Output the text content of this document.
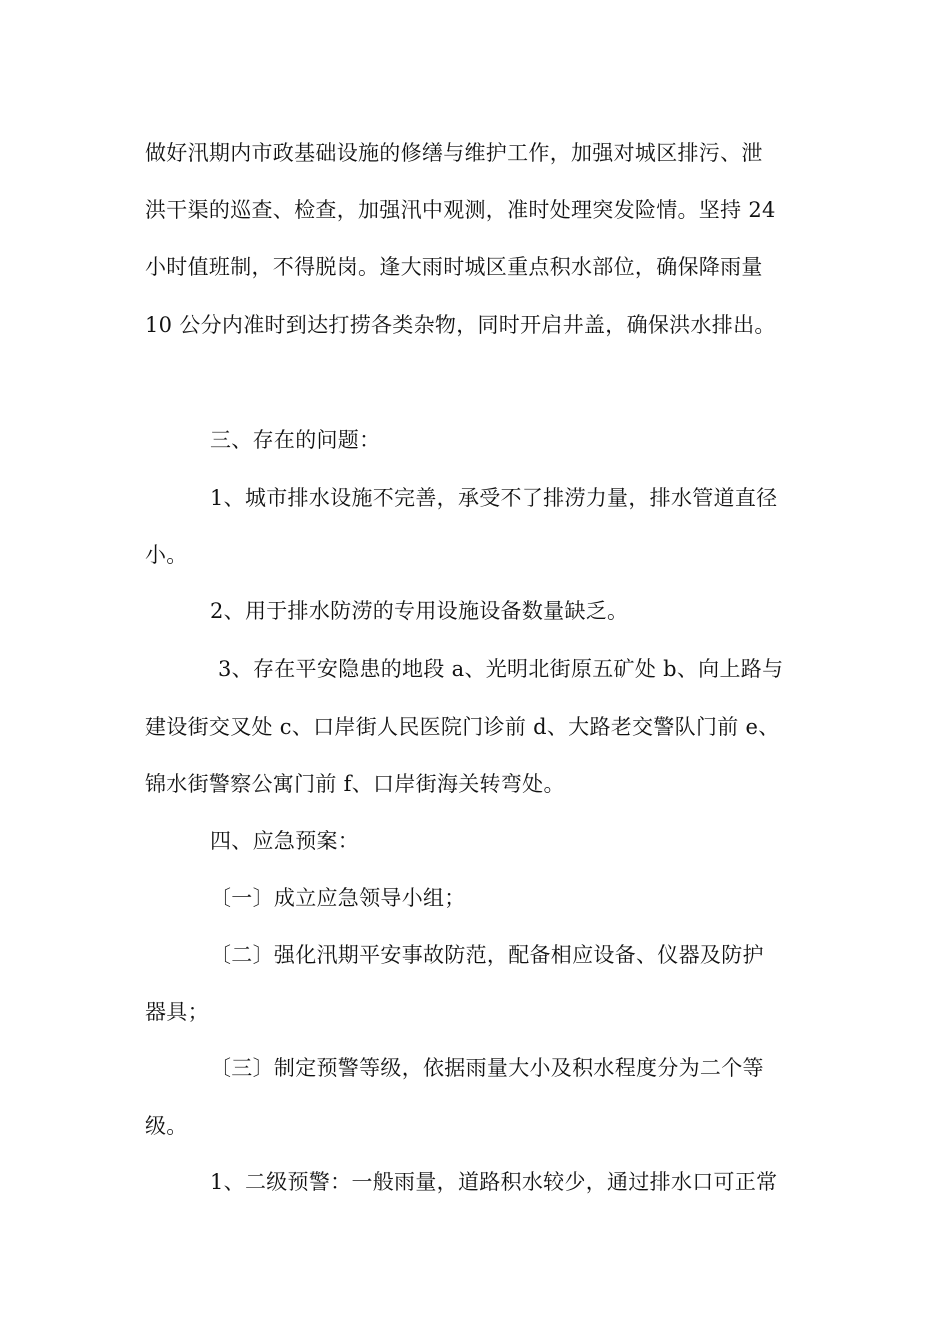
做好汛期内市政基础设施的修缮与维护工作，加强对城区排污、泄
洪干渠的巡查、检查，加强汛中观测，准时处理突发险情。坚持 24
小时值班制，不得脱岗。逢大雨时城区重点积水部位，确保降雨量
10 公分内准时到达打捞各类杂物，同时开启井盖，确保洪水排出。
三、存在的问题：
1、城市排水设施不完善，承受不了排涝力量，排水管道直径
小。
2、用于排水防涝的专用设施设备数量缺乏。
3、存在平安隐患的地段 a、光明北街原五矿处 b、向上路与
建设街交叉处 c、口岸街人民医院门诊前 d、大路老交警队门前 e、
锦水街警察公寓门前 f、口岸街海关转弯处。
四、应急预案：
〔一〕成立应急领导小组；
〔二〕强化汛期平安事故防范，配备相应设备、仪器及防护
器具；
〔三〕制定预警等级，依据雨量大小及积水程度分为二个等
级。
1、二级预警：一般雨量，道路积水较少，通过排水口可正常
